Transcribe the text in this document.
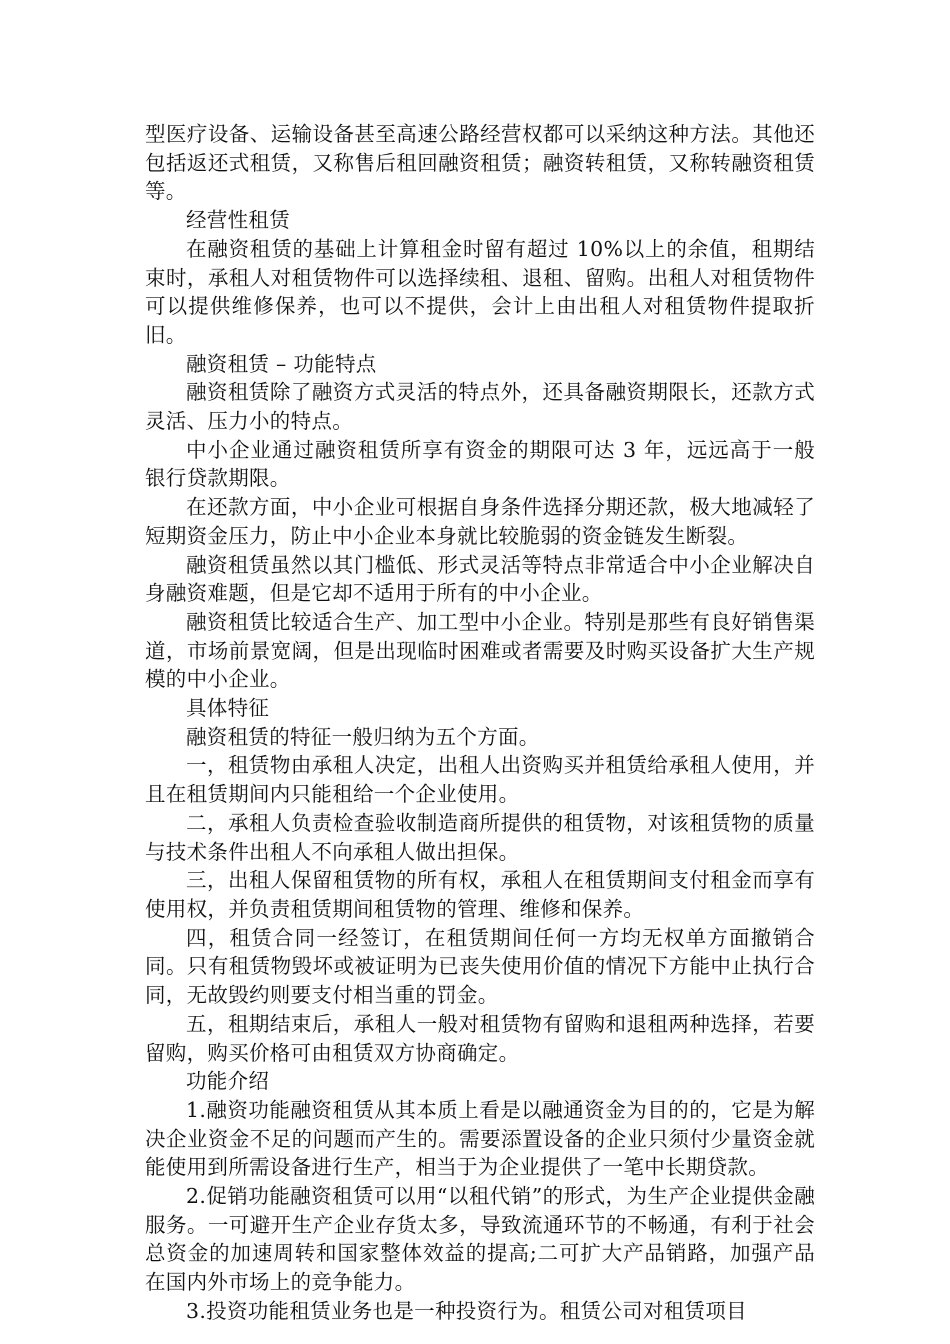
型医疗设备、运输设备甚至高速公路经营权都可以采纳这种方法。其他还包括返还式租赁，又称售后租回融资租赁；融资转租赁，又称转融资租赁等。

经营性租赁

在融资租赁的基础上计算租金时留有超过 10%以上的余值，租期结束时，承租人对租赁物件可以选择续租、退租、留购。出租人对租赁物件可以提供维修保养，也可以不提供，会计上由出租人对租赁物件提取折旧。

融资租赁 – 功能特点

融资租赁除了融资方式灵活的特点外，还具备融资期限长，还款方式灵活、压力小的特点。

中小企业通过融资租赁所享有资金的期限可达 3 年，远远高于一般银行贷款期限。

在还款方面，中小企业可根据自身条件选择分期还款，极大地减轻了短期资金压力，防止中小企业本身就比较脆弱的资金链发生断裂。

融资租赁虽然以其门槛低、形式灵活等特点非常适合中小企业解决自身融资难题，但是它却不适用于所有的中小企业。

融资租赁比较适合生产、加工型中小企业。特别是那些有良好销售渠道，市场前景宽阔，但是出现临时困难或者需要及时购买设备扩大生产规模的中小企业。

具体特征

融资租赁的特征一般归纳为五个方面。

一，租赁物由承租人决定，出租人出资购买并租赁给承租人使用，并且在租赁期间内只能租给一个企业使用。

二，承租人负责检查验收制造商所提供的租赁物，对该租赁物的质量与技术条件出租人不向承租人做出担保。

三，出租人保留租赁物的所有权，承租人在租赁期间支付租金而享有使用权，并负责租赁期间租赁物的管理、维修和保养。

四，租赁合同一经签订，在租赁期间任何一方均无权单方面撤销合同。只有租赁物毁坏或被证明为已丧失使用价值的情况下方能中止执行合同，无故毁约则要支付相当重的罚金。

五，租期结束后，承租人一般对租赁物有留购和退租两种选择，若要留购，购买价格可由租赁双方协商确定。

功能介绍

1.融资功能融资租赁从其本质上看是以融通资金为目的的，它是为解决企业资金不足的问题而产生的。需要添置设备的企业只须付少量资金就能使用到所需设备进行生产，相当于为企业提供了一笔中长期贷款。

2.促销功能融资租赁可以用“以租代销”的形式，为生产企业提供金融服务。一可避开生产企业存货太多，导致流通环节的不畅通，有利于社会总资金的加速周转和国家整体效益的提高;二可扩大产品销路，加强产品在国内外市场上的竞争能力。

3.投资功能租赁业务也是一种投资行为。租赁公司对租赁项目
